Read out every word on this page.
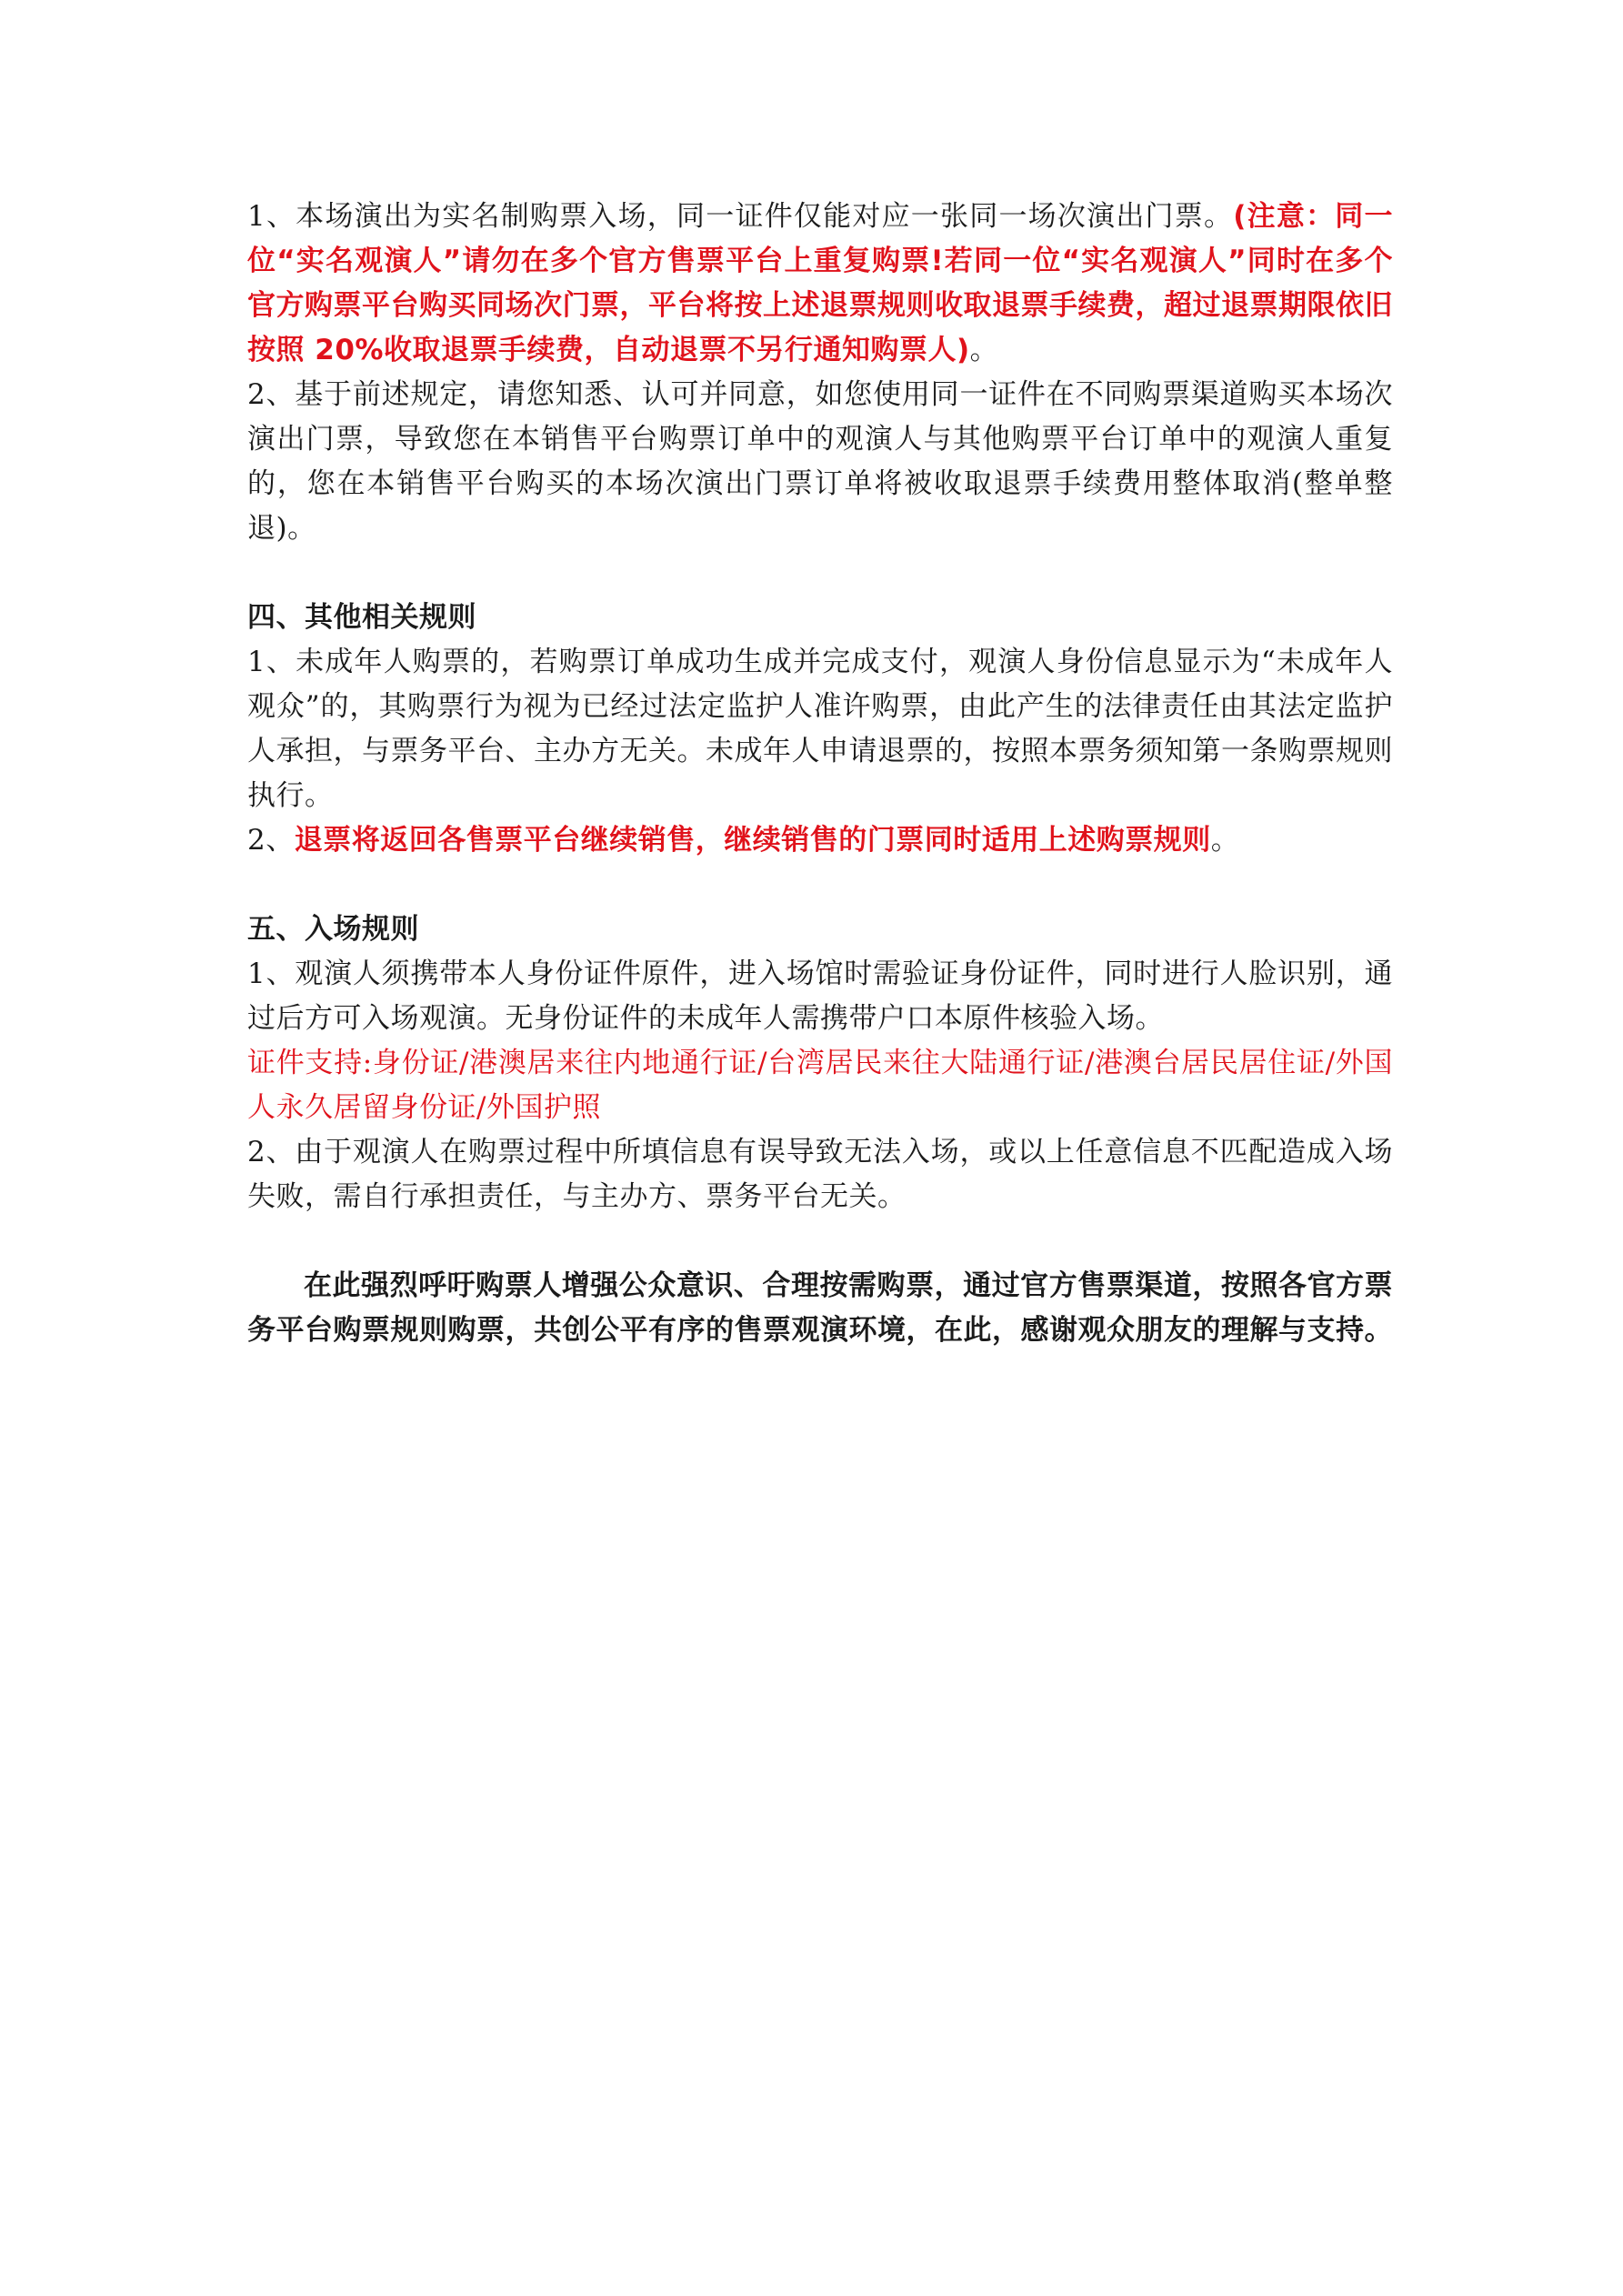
1、本场演出为实名制购票入场，同一证件仅能对应一张同一场次演出门票。(注意：同一位“实名观演人”请勿在多个官方售票平台上重复购票!若同一位“实名观演人”同时在多个官方购票平台购买同场次门票，平台将按上述退票规则收取退票手续费，超过退票期限依旧按照 20%收取退票手续费，自动退票不另行通知购票人)。

2、基于前述规定，请您知悉、认可并同意，如您使用同一证件在不同购票渠道购买本场次演出门票，导致您在本销售平台购票订单中的观演人与其他购票平台订单中的观演人重复的，您在本销售平台购买的本场次演出门票订单将被收取退票手续费用整体取消(整单整退)。

四、其他相关规则

1、未成年人购票的，若购票订单成功生成并完成支付，观演人身份信息显示为“未成年人观众”的，其购票行为视为已经过法定监护人准许购票，由此产生的法律责任由其法定监护人承担，与票务平台、主办方无关。未成年人申请退票的，按照本票务须知第一条购票规则执行。

2、退票将返回各售票平台继续销售，继续销售的门票同时适用上述购票规则。

五、入场规则

1、观演人须携带本人身份证件原件，进入场馆时需验证身份证件，同时进行人脸识别，通过后方可入场观演。无身份证件的未成年人需携带户口本原件核验入场。

证件支持:身份证/港澳居来往内地通行证/台湾居民来往大陆通行证/港澳台居民居住证/外国人永久居留身份证/外国护照

2、由于观演人在购票过程中所填信息有误导致无法入场，或以上任意信息不匹配造成入场失败，需自行承担责任，与主办方、票务平台无关。

在此强烈呼吁购票人增强公众意识、合理按需购票，通过官方售票渠道，按照各官方票务平台购票规则购票，共创公平有序的售票观演环境，在此，感谢观众朋友的理解与支持。
